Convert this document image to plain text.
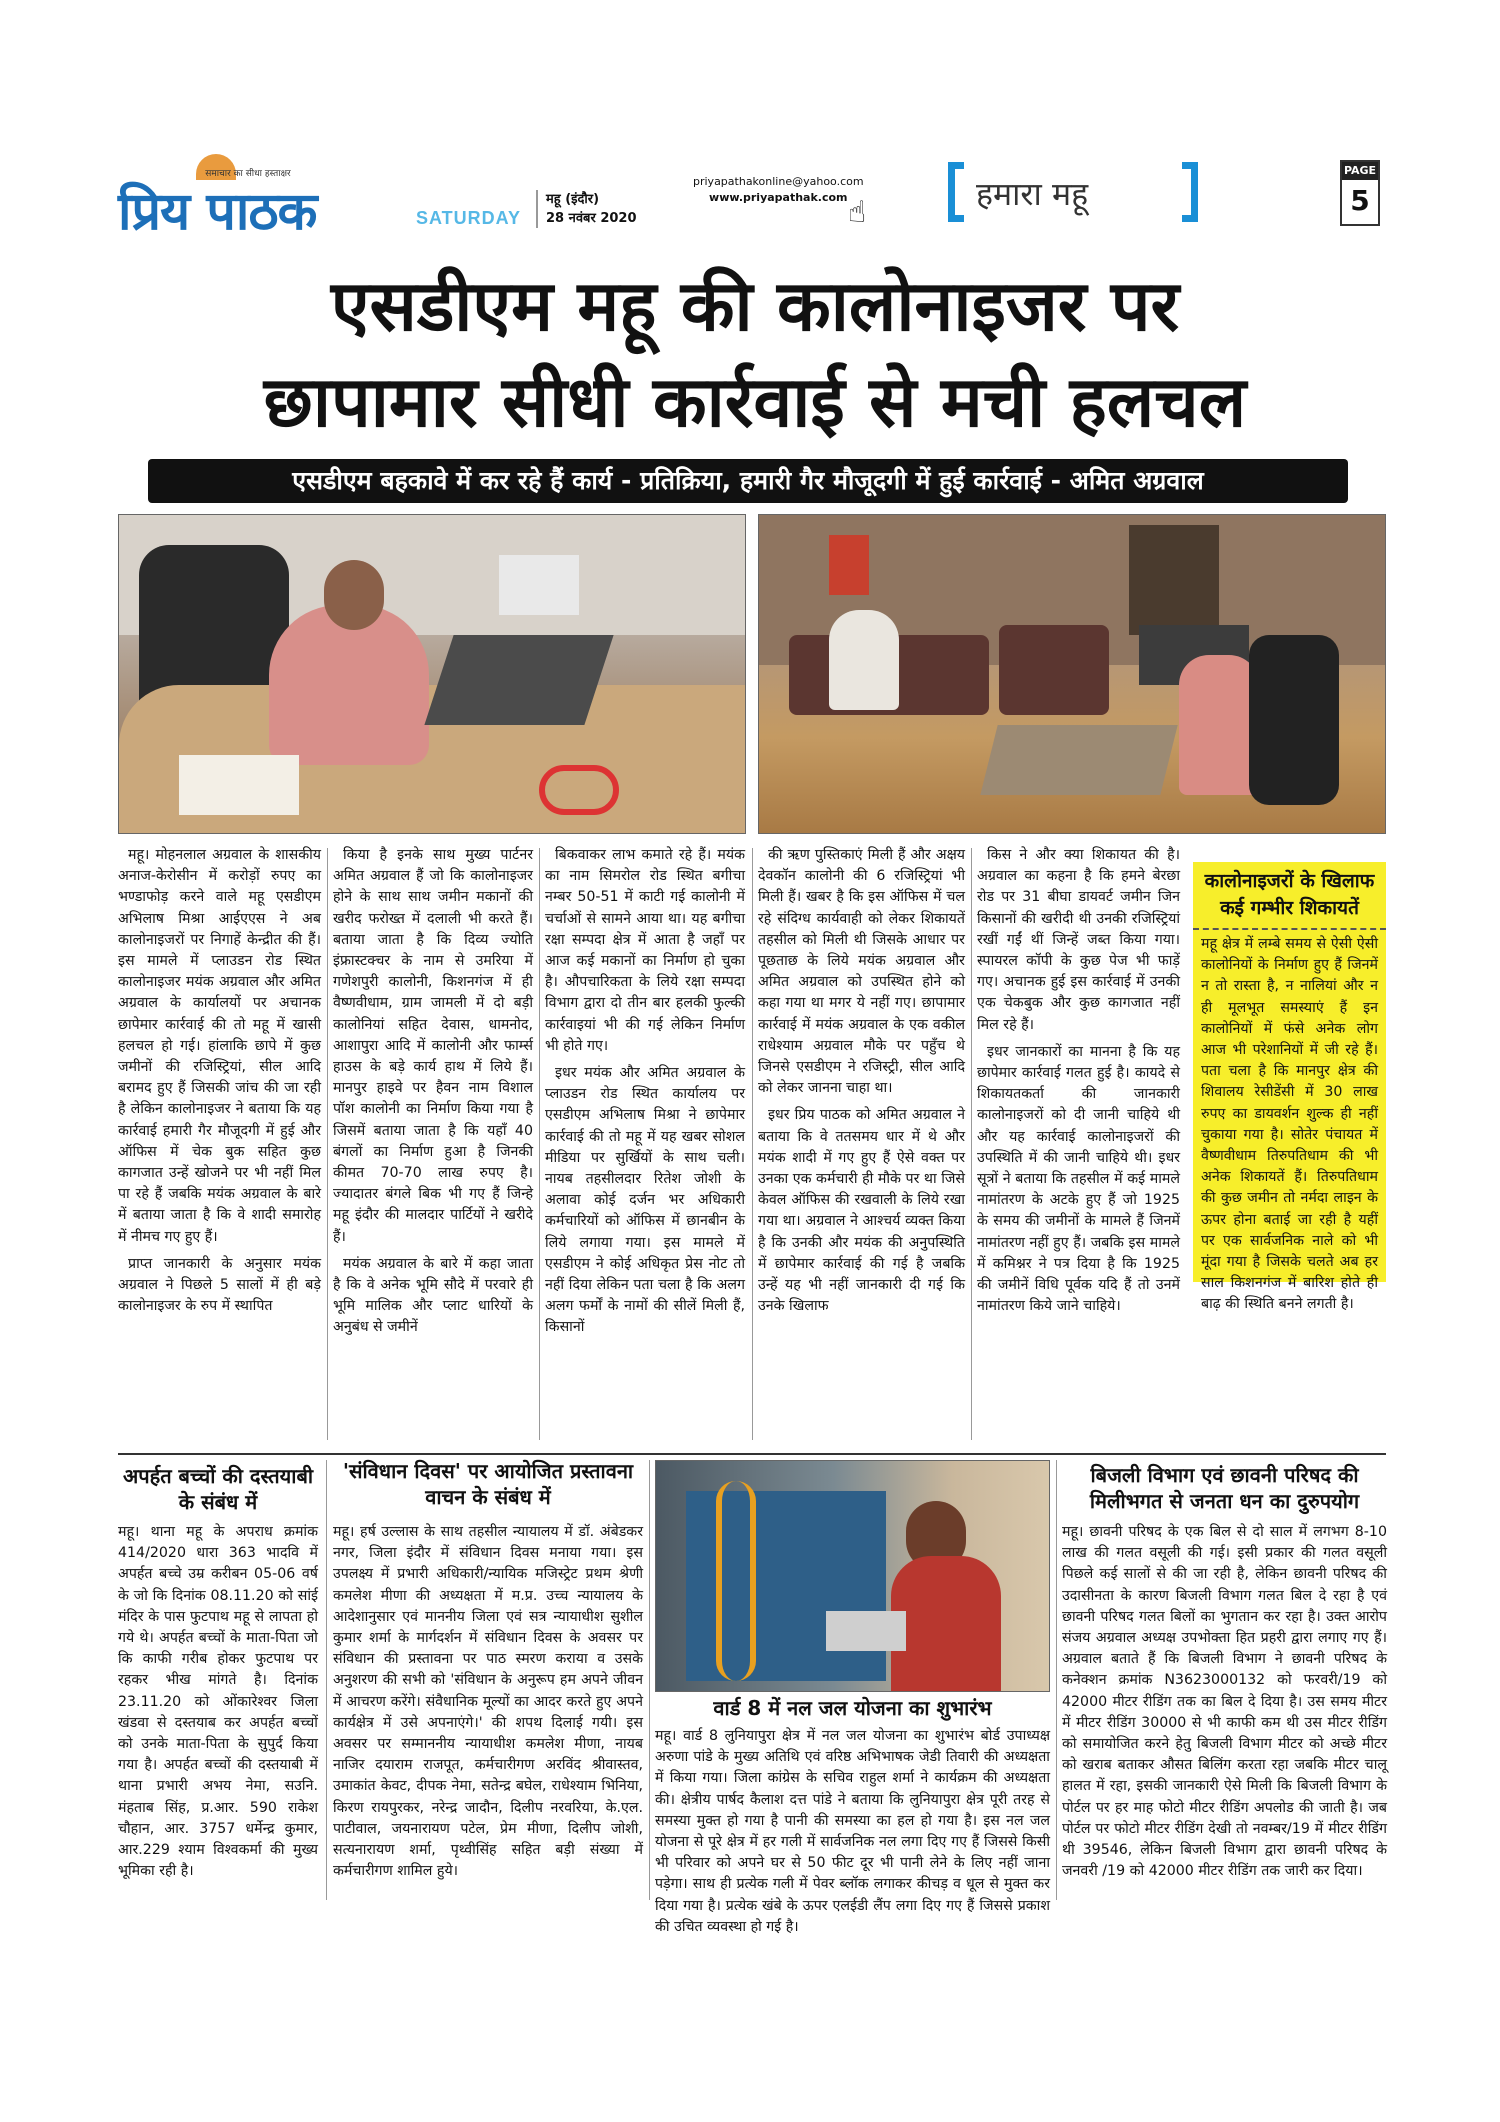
समाचार का सीधा हस्ताक्षर
प्रिय पाठक	SATURDAY
महू (इंदौर)
28 नवंबर 2020
priyapathakonline@yahoo.com
www.priyapathak.com ☝	हमारा महू
PAGE
5
एसडीएम महू की कालोनाइजर पर
छापामार सीधी कार्रवाई से मची हलचल
एसडीएम बहकावे में कर रहे हैं कार्य - प्रतिक्रिया, हमारी गैर मौजूदगी में हुई कार्रवाई - अमित अग्रवाल

महू। मोहनलाल अग्रवाल के शासकीय अनाज-केरोसीन में करोड़ों रुपए का भण्डाफोड़ करने वाले महू एसडीएम अभिलाष मिश्रा आईएएस ने अब कालोनाइजरों पर निगाहें केन्द्रीत की हैं। इस मामले में प्लाउडन रोड स्थित कालोनाइजर मयंक अग्रवाल और अमित अग्रवाल के कार्यालयों पर अचानक छापेमार कार्रवाई की तो महू में खासी हलचल हो गई। हांलाकि छापे में कुछ जमीनों की रजिस्ट्रियां, सील आदि बरामद हुए हैं जिसकी जांच की जा रही है लेकिन कालोनाइजर ने बताया कि यह कार्रवाई हमारी गैर मौजूदगी में हुई और ऑफिस में चेक बुक सहित कुछ कागजात उन्हें खोजने पर भी नहीं मिल पा रहे हैं जबकि मयंक अग्रवाल के बारे में बताया जाता है कि वे शादी समारोह में नीमच गए हुए हैं।

प्राप्त जानकारी के अनुसार मयंक अग्रवाल ने पिछले 5 सालों में ही बड़े कालोनाइजर के रुप में स्थापित

किया है इनके साथ मुख्य पार्टनर अमित अग्रवाल हैं जो कि कालोनाइजर होने के साथ साथ जमीन मकानों की खरीद फरोख्त में दलाली भी करते हैं। बताया जाता है कि दिव्य ज्योति इंफ्रास्टक्चर के नाम से उमरिया में गणेशपुरी कालोनी, किशनगंज में ही वैष्णवीधाम, ग्राम जामली में दो बड़ी कालोनियां सहित देवास, धामनोद, आशापुरा आदि में कालोनी और फार्म्स हाउस के बड़े कार्य हाथ में लिये हैं। मानपुर हाइवे पर हैवन नाम विशाल पॉश कालोनी का निर्माण किया गया है जिसमें बताया जाता है कि यहाँ 40 बंगलों का निर्माण हुआ है जिनकी कीमत 70-70 लाख रुपए है। ज्यादातर बंगले बिक भी गए हैं जिन्हे महू इंदौर की मालदार पार्टियों ने खरीदे हैं।

मयंक अग्रवाल के बारे में कहा जाता है कि वे अनेक भूमि सौदे में परवारे ही भूमि मालिक और प्लाट धारियों के अनुबंध से जमीनें

बिकवाकर लाभ कमाते रहे हैं। मयंक का नाम सिमरोल रोड स्थित बगीचा नम्बर 50-51 में काटी गई कालोनी में चर्चाओं से सामने आया था। यह बगीचा रक्षा सम्पदा क्षेत्र में आता है जहाँ पर आज कई मकानों का निर्माण हो चुका है। औपचारिकता के लिये रक्षा सम्पदा विभाग द्वारा दो तीन बार हलकी फुल्की कार्रवाइयां भी की गई लेकिन निर्माण भी होते गए।

इधर मयंक और अमित अग्रवाल के प्लाउडन रोड स्थित कार्यालय पर एसडीएम अभिलाष मिश्रा ने छापेमार कार्रवाई की तो महू में यह खबर सोशल मीडिया पर सुर्खियों के साथ चली। नायब तहसीलदार रितेश जोशी के अलावा कोई दर्जन भर अधिकारी कर्मचारियों को ऑफिस में छानबीन के लिये लगाया गया। इस मामले में एसडीएम ने कोई अधिकृत प्रेस नोट तो नहीं दिया लेकिन पता चला है कि अलग अलग फर्मों के नामों की सीलें मिली हैं, किसानों

की ऋण पुस्तिकाएं मिली हैं और अक्षय देवकॉन कालोनी की 6 रजिस्ट्रियां भी मिली हैं। खबर है कि इस ऑफिस में चल रहे संदिग्ध कार्यवाही को लेकर शिकायतें तहसील को मिली थी जिसके आधार पर पूछताछ के लिये मयंक अग्रवाल और अमित अग्रवाल को उपस्थित होने को कहा गया था मगर ये नहीं गए। छापामार कार्रवाई में मयंक अग्रवाल के एक वकील राधेश्याम अग्रवाल मौके पर पहुँच थे जिनसे एसडीएम ने रजिस्ट्री, सील आदि को लेकर जानना चाहा था।

इधर प्रिय पाठक को अमित अग्रवाल ने बताया कि वे ततसमय धार में थे और मयंक शादी में गए हुए हैं ऐसे वक्त पर उनका एक कर्मचारी ही मौके पर था जिसे केवल ऑफिस की रखवाली के लिये रखा गया था। अग्रवाल ने आश्चर्य व्यक्त किया है कि उनकी और मयंक की अनुपस्थिति में छापेमार कार्रवाई की गई है जबकि उन्हें यह भी नहीं जानकारी दी गई कि उनके खिलाफ

किस ने और क्या शिकायत की है। अग्रवाल का कहना है कि हमने बेरछा रोड पर 31 बीघा डायवर्ट जमीन जिन किसानों की खरीदी थी उनकी रजिस्ट्रियां रखीं गईं थीं जिन्हें जब्त किया गया। स्पायरल कॉपी के कुछ पेज भी फाड़ें गए। अचानक हुई इस कार्रवाई में उनकी एक चेकबुक और कुछ कागजात नहीं मिल रहे हैं।

इधर जानकारों का मानना है कि यह छापेमार कार्रवाई गलत हुई है। कायदे से शिकायतकर्ता की जानकारी कालोनाइजरों को दी जानी चाहिये थी और यह कार्रवाई कालोनाइजरों की उपस्थिति में की जानी चाहिये थी। इधर सूत्रों ने बताया कि तहसील में कई मामले नामांतरण के अटके हुए हैं जो 1925 के समय की जमीनों के मामले हैं जिनमें नामांतरण नहीं हुए हैं। जबकि इस मामले में कमिश्नर ने पत्र दिया है कि 1925 की जमीनें विधि पूर्वक यदि हैं तो उनमें नामांतरण किये जाने चाहिये।

कालोनाइजरों के खिलाफ कई गम्भीर शिकायतें
महू क्षेत्र में लम्बे समय से ऐसी ऐसी कालोनियों के निर्माण हुए हैं जिनमें न तो रास्ता है, न नालियां और न ही मूलभूत समस्याएं हैं इन कालोनियों में फंसे अनेक लोग आज भी परेशानियों में जी रहे हैं। पता चला है कि मानपुर क्षेत्र की शिवालय रेसीडेंसी में 30 लाख रुपए का डायवर्शन शुल्क ही नहीं चुकाया गया है। सोतेर पंचायत में वैष्णवीधाम तिरुपतिधाम की भी अनेक शिकायतें हैं। तिरुपतिधाम की कुछ जमीन तो नर्मदा लाइन के ऊपर होना बताई जा रही है यहीं पर एक सार्वजनिक नाले को भी मूंदा गया है जिसके चलते अब हर साल किशनगंज में बारिश होते ही बाढ़ की स्थिति बनने लगती है।
अपर्हत बच्चों की दस्तयाबी के संबंध में
महू। थाना महू के अपराध क्रमांक 414/2020 धारा 363 भादवि में अपर्हत बच्चे उम्र करीबन 05-06 वर्ष के जो कि दिनांक 08.11.20 को सांई मंदिर के पास फुटपाथ महू से लापता हो गये थे। अपर्हत बच्चों के माता-पिता जो कि काफी गरीब होकर फुटपाथ पर रहकर भीख मांगते है। दिनांक 23.11.20 को ओंकारेश्वर जिला खंडवा से दस्तयाब कर अपर्हत बच्चों को उनके माता-पिता के सुपुर्द किया गया है। अपर्हत बच्चों की दस्तयाबी में थाना प्रभारी अभय नेमा, सउनि. मंहताब सिंह, प्र.आर. 590 राकेश चौहान, आर. 3757 धर्मेन्द्र कुमार, आर.229 श्याम विश्वकर्मा की मुख्य भूमिका रही है।
'संविधान दिवस' पर आयोजित प्रस्तावना वाचन के संबंध में
महू। हर्ष उल्लास के साथ तहसील न्यायालय में डॉ. अंबेडकर नगर, जिला इंदौर में संविधान दिवस मनाया गया। इस उपलक्ष्य में प्रभारी अधिकारी/न्यायिक मजिस्ट्रेट प्रथम श्रेणी कमलेश मीणा की अध्यक्षता में म.प्र. उच्च न्यायालय के आदेशानुसार एवं माननीय जिला एवं सत्र न्यायाधीश सुशील कुमार शर्मा के मार्गदर्शन में संविधान दिवस के अवसर पर संविधान की प्रस्तावना पर पाठ स्मरण कराया व उसके अनुशरण की सभी को 'संविधान के अनुरूप हम अपने जीवन में आचरण करेंगे। संवैधानिक मूल्यों का आदर करते हुए अपने कार्यक्षेत्र में उसे अपनाएंगे।' की शपथ दिलाई गयी। इस अवसर पर सम्माननीय न्यायाधीश कमलेश मीणा, नायब नाजिर दयाराम राजपूत, कर्मचारीगण अरविंद श्रीवास्तव, उमाकांत केवट, दीपक नेमा, सतेन्द्र बघेल, राधेश्याम भिनिया, किरण रायपुरकर, नरेन्द्र जादौन, दिलीप नरवरिया, के.एल. पाटीवाल, जयनारायण पटेल, प्रेम मीणा, दिलीप जोशी, सत्यनारायण शर्मा, पृथ्वीसिंह सहित बड़ी संख्या में कर्मचारीगण शामिल हुये।
वार्ड 8 में नल जल योजना का शुभारंभ
महू। वार्ड 8 लुनियापुरा क्षेत्र में नल जल योजना का शुभारंभ बोर्ड उपाध्यक्ष अरुणा पांडे के मुख्य अतिथि एवं वरिष्ठ अभिभाषक जेडी तिवारी की अध्यक्षता में किया गया। जिला कांग्रेस के सचिव राहुल शर्मा ने कार्यक्रम की अध्यक्षता की। क्षेत्रीय पार्षद कैलाश दत्त पांडे ने बताया कि लुनियापुरा क्षेत्र पूरी तरह से समस्या मुक्त हो गया है पानी की समस्या का हल हो गया है। इस नल जल योजना से पूरे क्षेत्र में हर गली में सार्वजनिक नल लगा दिए गए हैं जिससे किसी भी परिवार को अपने घर से 50 फीट दूर भी पानी लेने के लिए नहीं जाना पड़ेगा। साथ ही प्रत्येक गली में पेवर ब्लॉक लगाकर कीचड़ व धूल से मुक्त कर दिया गया है। प्रत्येक खंबे के ऊपर एलईडी लैंप लगा दिए गए हैं जिससे प्रकाश की उचित व्यवस्था हो गई है।
बिजली विभाग एवं छावनी परिषद की मिलीभगत से जनता धन का दुरुपयोग
महू। छावनी परिषद के एक बिल से दो साल में लगभग 8-10 लाख की गलत वसूली की गई। इसी प्रकार की गलत वसूली पिछले कई सालों से की जा रही है, लेकिन छावनी परिषद की उदासीनता के कारण बिजली विभाग गलत बिल दे रहा है एवं छावनी परिषद गलत बिलों का भुगतान कर रहा है। उक्त आरोप संजय अग्रवाल अध्यक्ष उपभोक्ता हित प्रहरी द्वारा लगाए गए हैं। अग्रवाल बताते हैं कि बिजली विभाग ने छावनी परिषद के कनेक्शन क्रमांक N3623000132 को फरवरी/19 को 42000 मीटर रीडिंग तक का बिल दे दिया है। उस समय मीटर में मीटर रीडिंग 30000 से भी काफी कम थी उस मीटर रीडिंग को समायोजित करने हेतु बिजली विभाग मीटर को अच्छे मीटर को खराब बताकर औसत बिलिंग करता रहा जबकि मीटर चालू हालत में रहा, इसकी जानकारी ऐसे मिली कि बिजली विभाग के पोर्टल पर हर माह फोटो मीटर रीडिंग अपलोड की जाती है। जब पोर्टल पर फोटो मीटर रीडिंग देखी तो नवम्बर/19 में मीटर रीडिंग थी 39546, लेकिन बिजली विभाग द्वारा छावनी परिषद के जनवरी /19 को 42000 मीटर रीडिंग तक जारी कर दिया।
